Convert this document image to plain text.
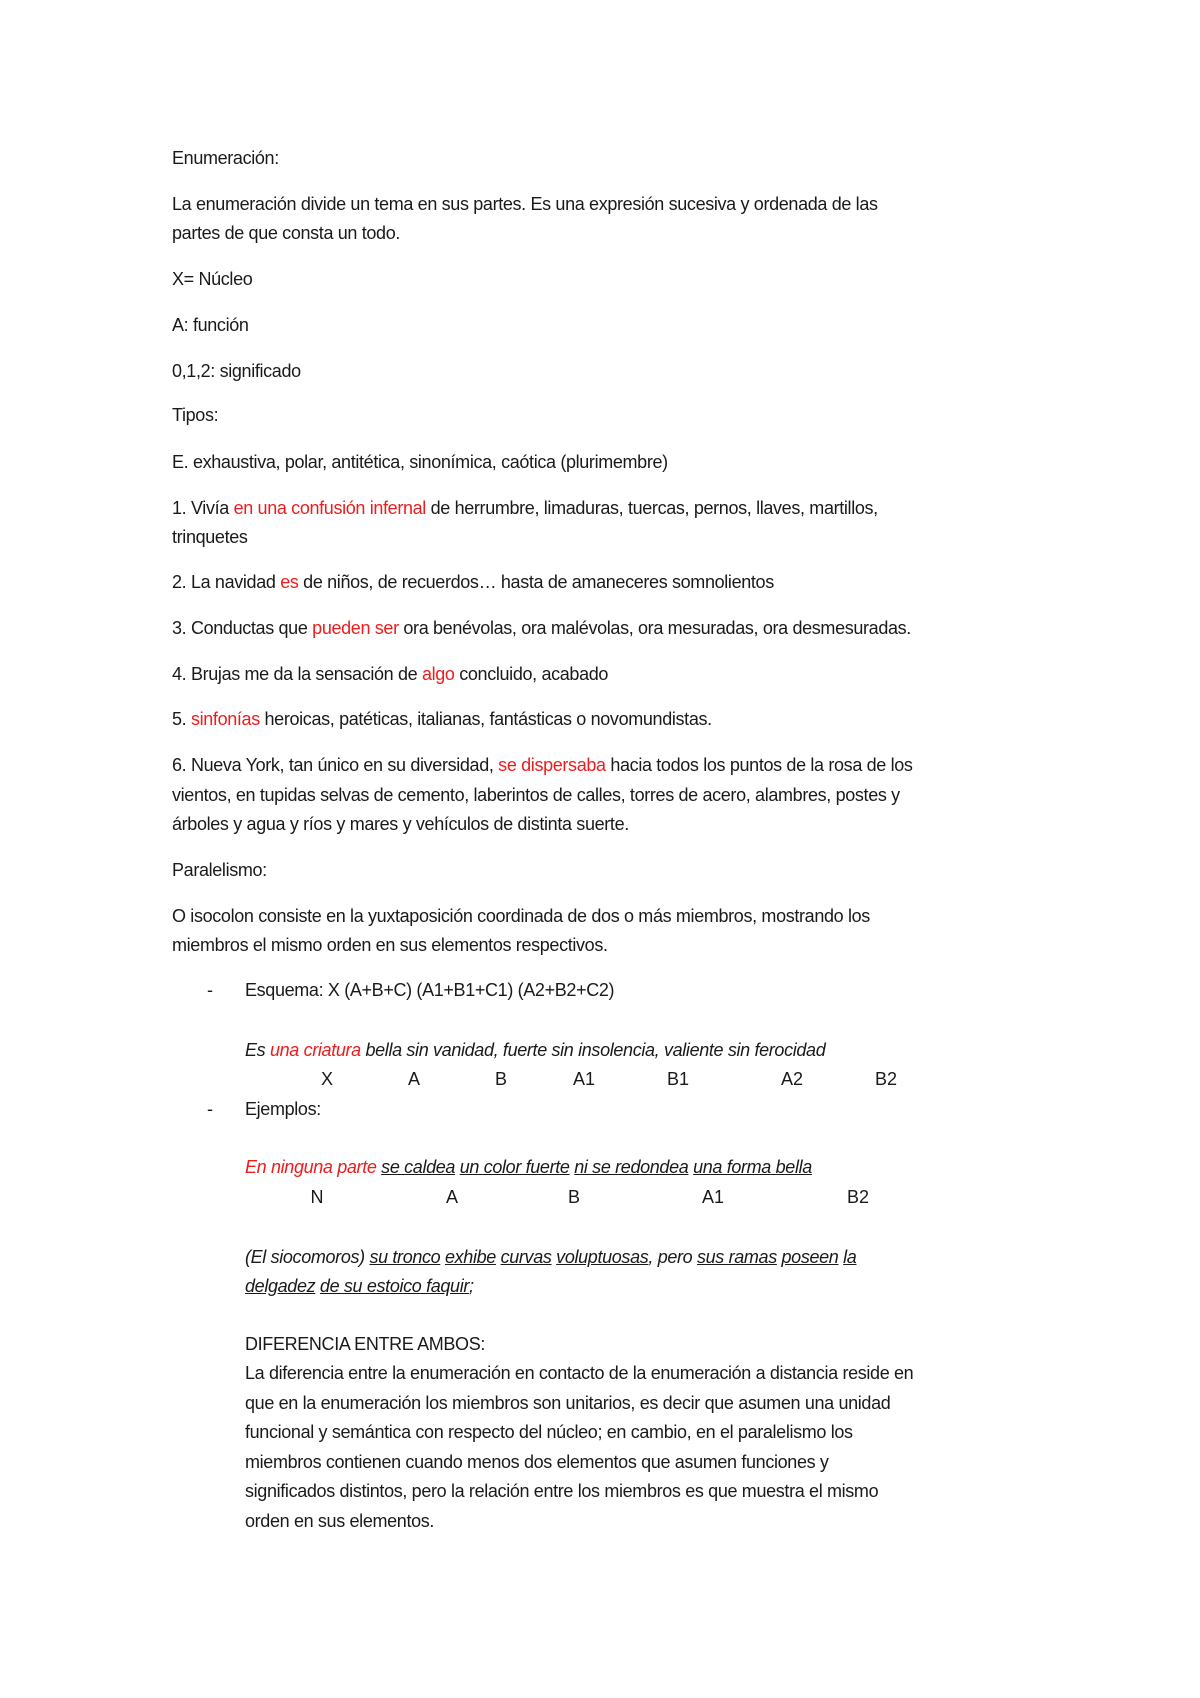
Enumeración:
La enumeración divide un tema en sus partes. Es una expresión sucesiva y ordenada de las
partes de que consta un todo.
X= Núcleo
A: función
0,1,2: significado
Tipos:
E. exhaustiva, polar, antitética, sinonímica, caótica (plurimembre)
1. Vivía en una confusión infernal de herrumbre, limaduras, tuercas, pernos, llaves, martillos,
trinquetes
2. La navidad es de niños, de recuerdos… hasta de amaneceres somnolientos
3. Conductas que pueden ser ora benévolas, ora malévolas, ora mesuradas, ora desmesuradas.
4. Brujas me da la sensación de algo concluido, acabado
5. sinfonías heroicas, patéticas, italianas, fantásticas o novomundistas.
6. Nueva York, tan único en su diversidad, se dispersaba hacia todos los puntos de la rosa de los
vientos, en tupidas selvas de cemento, laberintos de calles, torres de acero, alambres, postes y
árboles y agua y ríos y mares y vehículos de distinta suerte.
Paralelismo:
O isocolon consiste en la yuxtaposición coordinada de dos o más miembros, mostrando los
miembros el mismo orden en sus elementos respectivos.
Esquema: X (A+B+C) (A1+B1+C1) (A2+B2+C2)
Es una criatura bella sin vanidad, fuerte sin insolencia, valiente sin ferocidad
Ejemplos:
En ninguna parte se caldea un color fuerte ni se redondea una forma bella
(El siocomoros) su tronco exhibe curvas voluptuosas, pero sus ramas poseen la
delgadez de su estoico faquir;
DIFERENCIA ENTRE AMBOS:
La diferencia entre la enumeración en contacto de la enumeración a distancia reside en
que en la enumeración los miembros son unitarios, es decir que asumen una unidad
funcional y semántica con respecto del núcleo; en cambio, en el paralelismo los
miembros contienen cuando menos dos elementos que asumen funciones y
significados distintos, pero la relación entre los miembros es que muestra el mismo
orden en sus elementos.
-
-
X	A	B	A1	B1	A2	B2
N	A	B	A1	B2
